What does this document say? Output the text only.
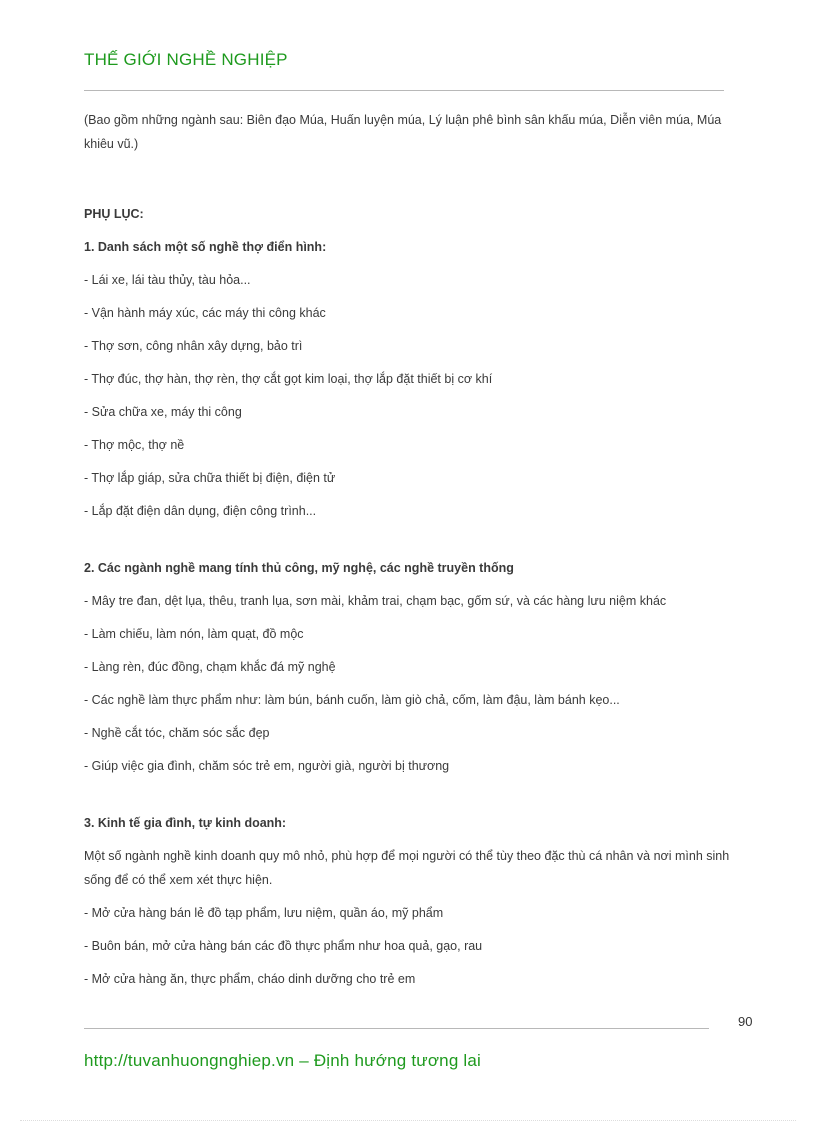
THẾ GIỚI NGHỀ NGHIỆP

(Bao gồm những ngành sau: Biên đạo Múa, Huấn luyện múa, Lý luận phê bình sân khấu múa, Diễn viên múa, Múa khiêu vũ.)

PHỤ LỤC:
1. Danh sách một số nghề thợ điển hình:
- Lái xe, lái tàu thủy, tàu hỏa...
- Vận hành máy xúc, các máy thi công khác
- Thợ sơn, công nhân xây dựng, bảo trì
- Thợ đúc, thợ hàn, thợ rèn, thợ cắt gọt kim loại, thợ lắp đặt thiết bị cơ khí
- Sửa chữa xe, máy thi công
- Thợ mộc, thợ nề
- Thợ lắp giáp, sửa chữa thiết bị điện, điện tử
- Lắp đặt điện dân dụng, điện công trình...
2. Các ngành nghề mang tính thủ công, mỹ nghệ, các nghề truyền thống
- Mây tre đan, dệt lụa, thêu, tranh lụa, sơn mài, khảm trai, chạm bạc, gốm sứ, và các hàng lưu niệm khác
- Làm chiếu, làm nón, làm quạt, đồ mộc
- Làng rèn, đúc đồng, chạm khắc đá mỹ nghệ
- Các nghề làm thực phẩm như: làm bún, bánh cuốn, làm giò chả, cốm, làm đậu, làm bánh kẹo...
- Nghề cắt tóc, chăm sóc sắc đẹp
- Giúp việc gia đình, chăm sóc trẻ em, người già, người bị thương
3. Kinh tế gia đình, tự kinh doanh:

Một số ngành nghề kinh doanh quy mô nhỏ, phù hợp để mọi người có thể tùy theo đặc thù cá nhân và nơi mình sinh sống để có thể xem xét thực hiện.

- Mở cửa hàng bán lẻ đồ tạp phẩm, lưu niệm, quần áo, mỹ phẩm
- Buôn bán, mở cửa hàng bán các đồ thực phẩm như hoa quả, gạo, rau
- Mở cửa hàng ăn, thực phẩm, cháo dinh dưỡng cho trẻ em
90
http://tuvanhuongnghiep.vn – Định hướng tương lai
